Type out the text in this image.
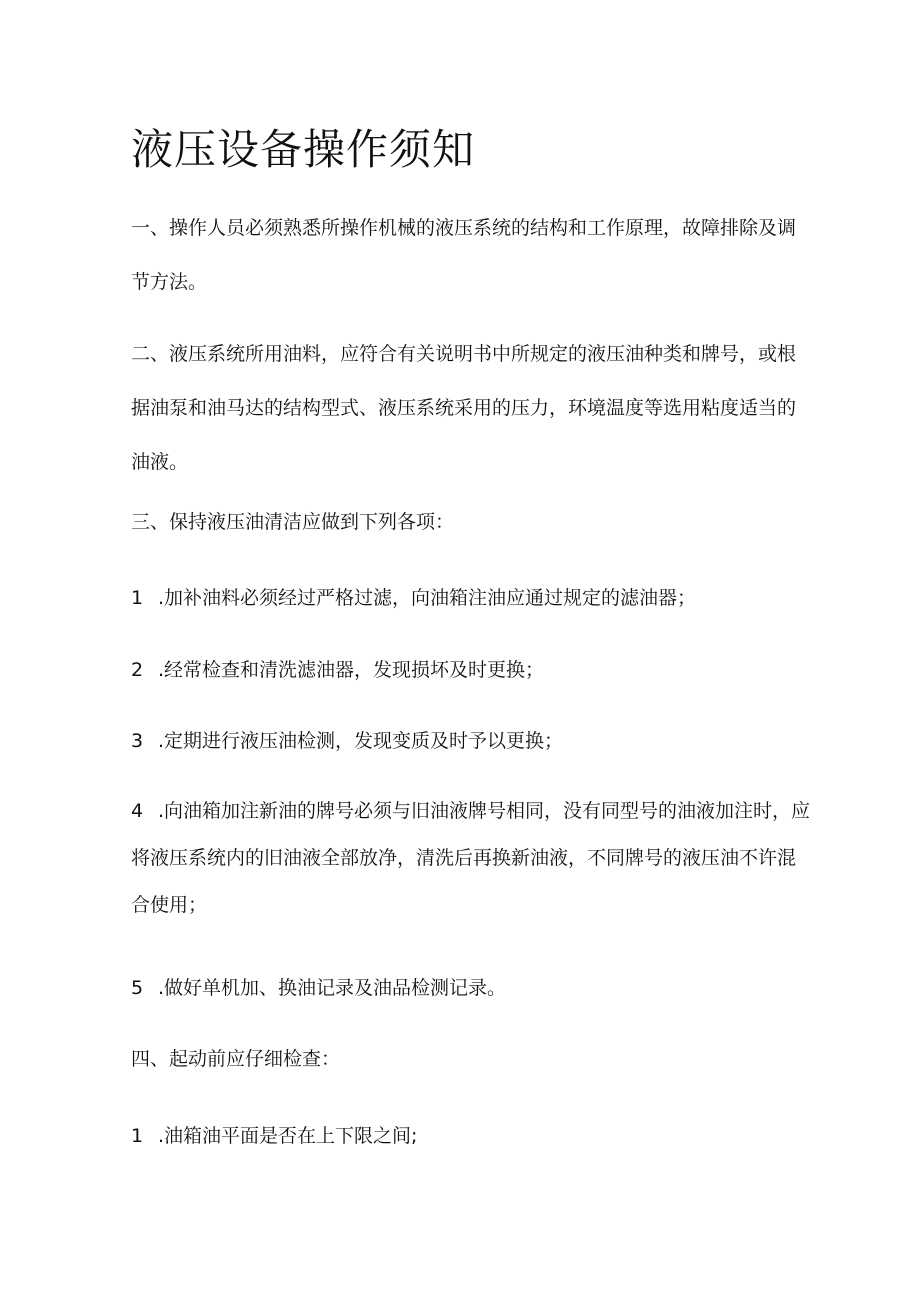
液压设备操作须知

一、操作人员必须熟悉所操作机械的液压系统的结构和工作原理，故障排除及调节方法。

二、液压系统所用油料，应符合有关说明书中所规定的液压油种类和牌号，或根据油泵和油马达的结构型式、液压系统采用的压力，环境温度等选用粘度适当的油液。

三、保持液压油清洁应做到下列各项：

1 .加补油料必须经过严格过滤，向油箱注油应通过规定的滤油器；

2 .经常检查和清洗滤油器，发现损坏及时更换；

3 .定期进行液压油检测，发现变质及时予以更换；

4 .向油箱加注新油的牌号必须与旧油液牌号相同，没有同型号的油液加注时，应将液压系统内的旧油液全部放净，清洗后再换新油液，不同牌号的液压油不许混合使用；

5 .做好单机加、换油记录及油品检测记录。

四、起动前应仔细检查：

1 .油箱油平面是否在上下限之间;
